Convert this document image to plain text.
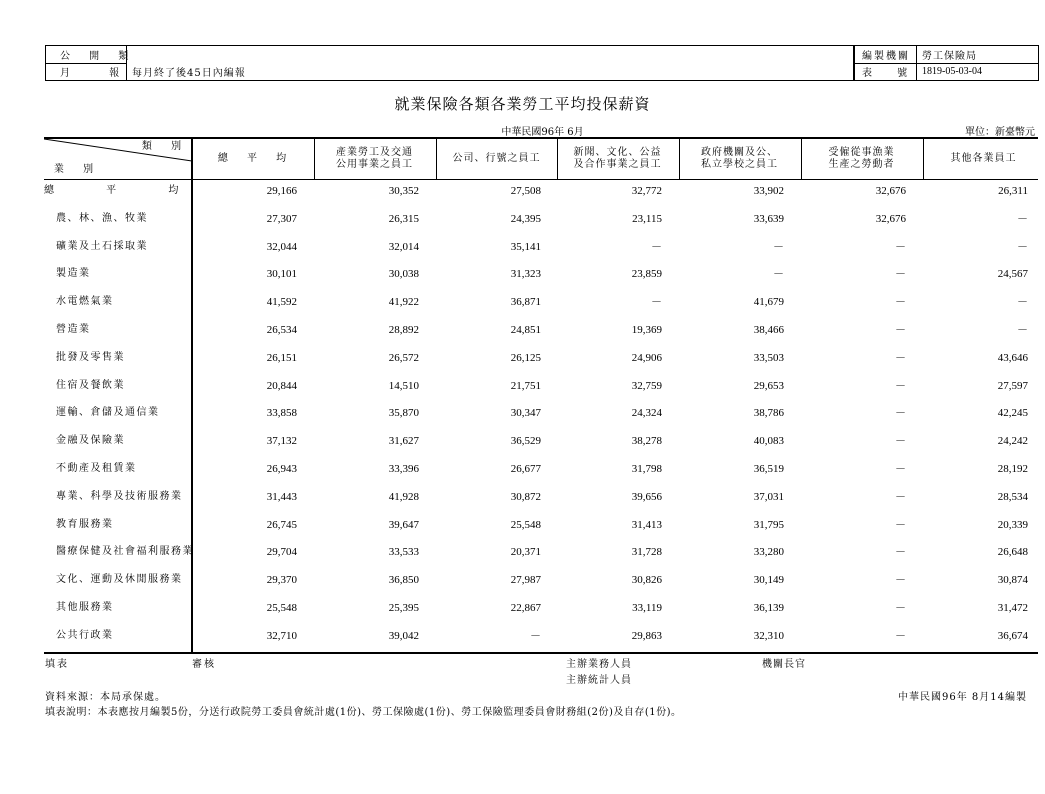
公 開 類
月 報 每月終了後45日內編報
編製機關 勞工保險局
表 號 1819-05-03-04
就業保險各類各業勞工平均投保薪資
中華民國96年 6月	單位：新臺幣元
類 別
業 別
總 平 均
產業勞工及交通
公用事業之員工
公司、行號之員工
新聞、文化、公益
及合作事業之員工
政府機關及公、
私立學校之員工
受僱從事漁業
生產之勞動者
其他各業員工
總 平 均	29,166	30,352	27,508	32,772	33,902	32,676	26,311
農、林、漁、牧業	27,307	26,315	24,395	23,115	33,639	32,676	－
礦業及土石採取業	32,044	32,014	35,141	－	－	－	－
製造業	30,101	30,038	31,323	23,859	－	－	24,567
水電燃氣業	41,592	41,922	36,871	－	41,679	－	－
營造業	26,534	28,892	24,851	19,369	38,466	－	－
批發及零售業	26,151	26,572	26,125	24,906	33,503	－	43,646
住宿及餐飲業	20,844	14,510	21,751	32,759	29,653	－	27,597
運輸、倉儲及通信業	33,858	35,870	30,347	24,324	38,786	－	42,245
金融及保險業	37,132	31,627	36,529	38,278	40,083	－	24,242
不動產及租賃業	26,943	33,396	26,677	31,798	36,519	－	28,192
專業、科學及技術服務業	31,443	41,928	30,872	39,656	37,031	－	28,534
教育服務業	26,745	39,647	25,548	31,413	31,795	－	20,339
醫療保健及社會福利服務業	29,704	33,533	20,371	31,728	33,280	－	26,648
文化、運動及休閒服務業	29,370	36,850	27,987	30,826	30,149	－	30,874
其他服務業	25,548	25,395	22,867	33,119	36,139	－	31,472
公共行政業	32,710	39,042	－	29,863	32,310	－	36,674
填表	審核	主辦業務人員
主辦統計人員
機關長官
資料來源：本局承保處。	中華民國96年 8月14編製
填表說明：本表應按月編製5份，分送行政院勞工委員會統計處(1份)、勞工保險處(1份)、勞工保險監理委員會財務組(2份)及自存(1份)。
